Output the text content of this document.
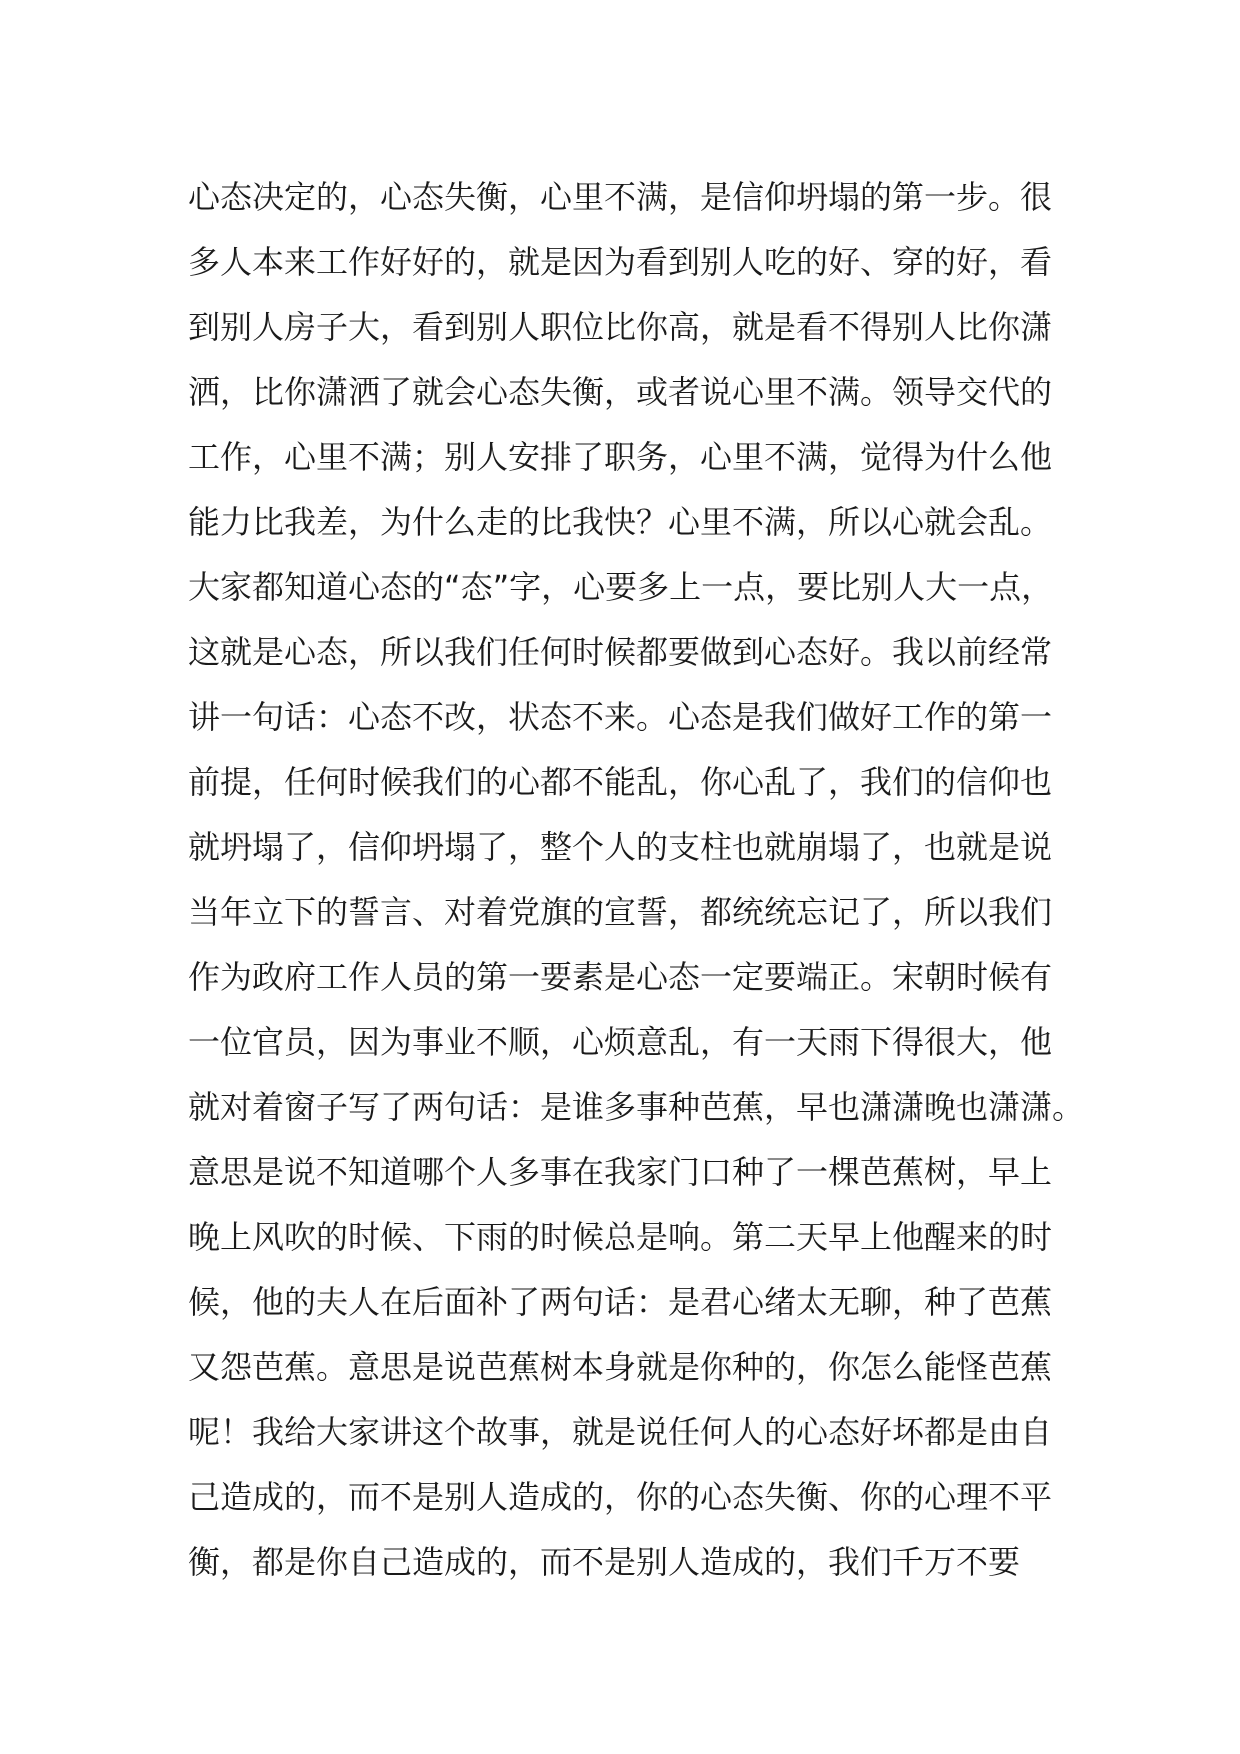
心态决定的，心态失衡，心里不满，是信仰坍塌的第一步。很
多人本来工作好好的，就是因为看到别人吃的好、穿的好，看
到别人房子大，看到别人职位比你高，就是看不得别人比你潇
洒，比你潇洒了就会心态失衡，或者说心里不满。领导交代的
工作，心里不满；别人安排了职务，心里不满，觉得为什么他
能力比我差，为什么走的比我快？心里不满，所以心就会乱。
大家都知道心态的“态”字，心要多上一点，要比别人大一点，
这就是心态，所以我们任何时候都要做到心态好。我以前经常
讲一句话：心态不改，状态不来。心态是我们做好工作的第一
前提，任何时候我们的心都不能乱，你心乱了，我们的信仰也
就坍塌了，信仰坍塌了，整个人的支柱也就崩塌了，也就是说
当年立下的誓言、对着党旗的宣誓，都统统忘记了，所以我们
作为政府工作人员的第一要素是心态一定要端正。宋朝时候有
一位官员，因为事业不顺，心烦意乱，有一天雨下得很大，他
就对着窗子写了两句话：是谁多事种芭蕉，早也潇潇晚也潇潇。
意思是说不知道哪个人多事在我家门口种了一棵芭蕉树，早上
晚上风吹的时候、下雨的时候总是响。第二天早上他醒来的时
候，他的夫人在后面补了两句话：是君心绪太无聊，种了芭蕉
又怨芭蕉。意思是说芭蕉树本身就是你种的，你怎么能怪芭蕉
呢！我给大家讲这个故事，就是说任何人的心态好坏都是由自
己造成的，而不是别人造成的，你的心态失衡、你的心理不平
衡，都是你自己造成的，而不是别人造成的，我们千万不要
